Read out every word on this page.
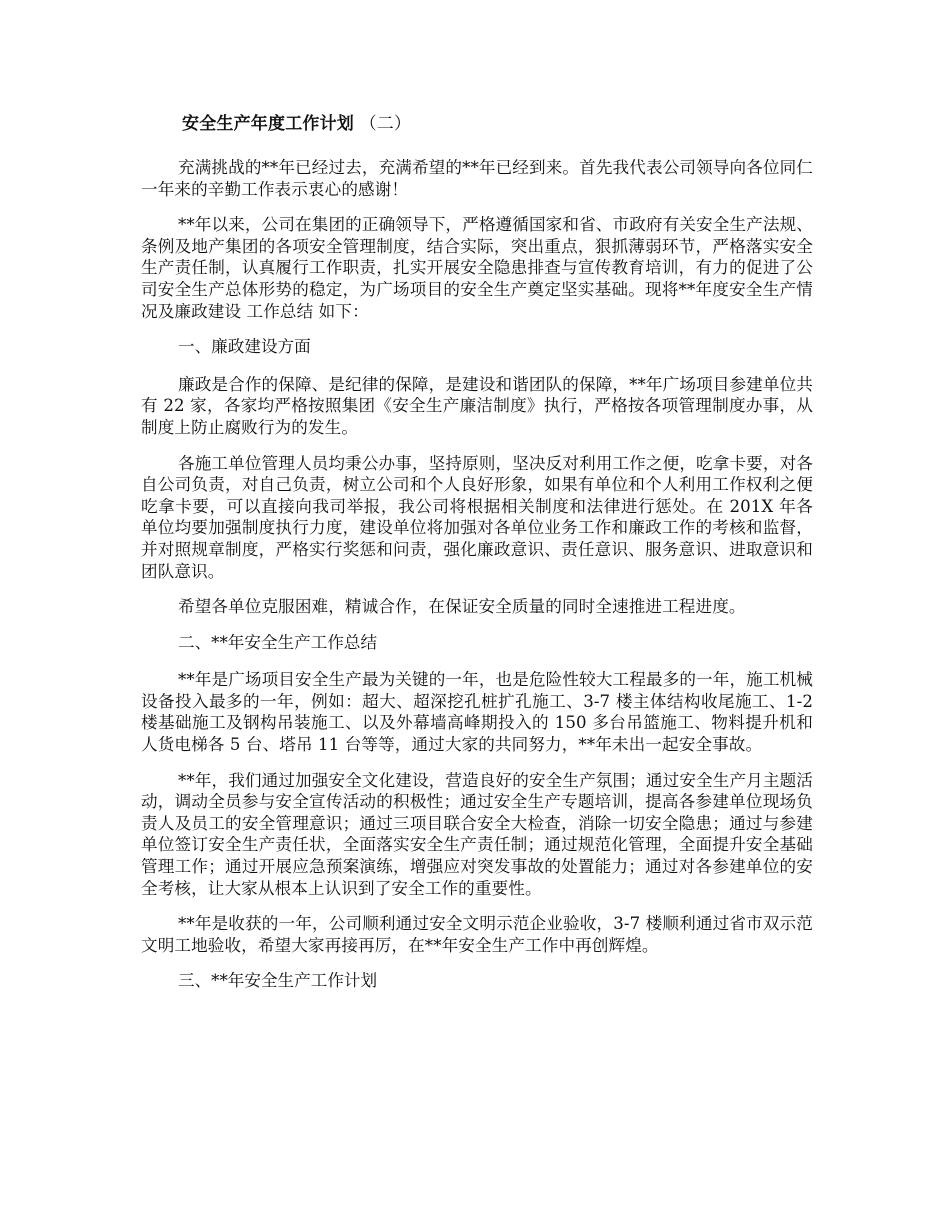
安全生产年度工作计划 （二）

充满挑战的**年已经过去，充满希望的**年已经到来。首先我代表公司领导向各位同仁一年来的辛勤工作表示衷心的感谢！

**年以来，公司在集团的正确领导下，严格遵循国家和省、市政府有关安全生产法规、条例及地产集团的各项安全管理制度，结合实际，突出重点，狠抓薄弱环节，严格落实安全生产责任制，认真履行工作职责，扎实开展安全隐患排查与宣传教育培训，有力的促进了公司安全生产总体形势的稳定，为广场项目的安全生产奠定坚实基础。现将**年度安全生产情况及廉政建设 工作总结 如下：

一、廉政建设方面

廉政是合作的保障、是纪律的保障，是建设和谐团队的保障，**年广场项目参建单位共有 22 家，各家均严格按照集团《安全生产廉洁制度》执行，严格按各项管理制度办事，从制度上防止腐败行为的发生。

各施工单位管理人员均秉公办事，坚持原则，坚决反对利用工作之便，吃拿卡要，对各自公司负责，对自己负责，树立公司和个人良好形象，如果有单位和个人利用工作权利之便吃拿卡要，可以直接向我司举报，我公司将根据相关制度和法律进行惩处。在 201X 年各单位均要加强制度执行力度，建设单位将加强对各单位业务工作和廉政工作的考核和监督，并对照规章制度，严格实行奖惩和问责，强化廉政意识、责任意识、服务意识、进取意识和团队意识。

希望各单位克服困难，精诚合作，在保证安全质量的同时全速推进工程进度。

二、**年安全生产工作总结

**年是广场项目安全生产最为关键的一年，也是危险性较大工程最多的一年，施工机械设备投入最多的一年，例如：超大、超深挖孔桩扩孔施工、3-7 楼主体结构收尾施工、1-2 楼基础施工及钢构吊装施工、以及外幕墙高峰期投入的 150 多台吊篮施工、物料提升机和人货电梯各 5 台、塔吊 11 台等等，通过大家的共同努力，**年未出一起安全事故。

**年，我们通过加强安全文化建设，营造良好的安全生产氛围；通过安全生产月主题活动，调动全员参与安全宣传活动的积极性；通过安全生产专题培训，提高各参建单位现场负责人及员工的安全管理意识；通过三项目联合安全大检查，消除一切安全隐患；通过与参建单位签订安全生产责任状，全面落实安全生产责任制；通过规范化管理，全面提升安全基础管理工作；通过开展应急预案演练，增强应对突发事故的处置能力；通过对各参建单位的安全考核，让大家从根本上认识到了安全工作的重要性。

**年是收获的一年，公司顺利通过安全文明示范企业验收，3-7 楼顺利通过省市双示范文明工地验收，希望大家再接再厉，在**年安全生产工作中再创辉煌。

三、**年安全生产工作计划
